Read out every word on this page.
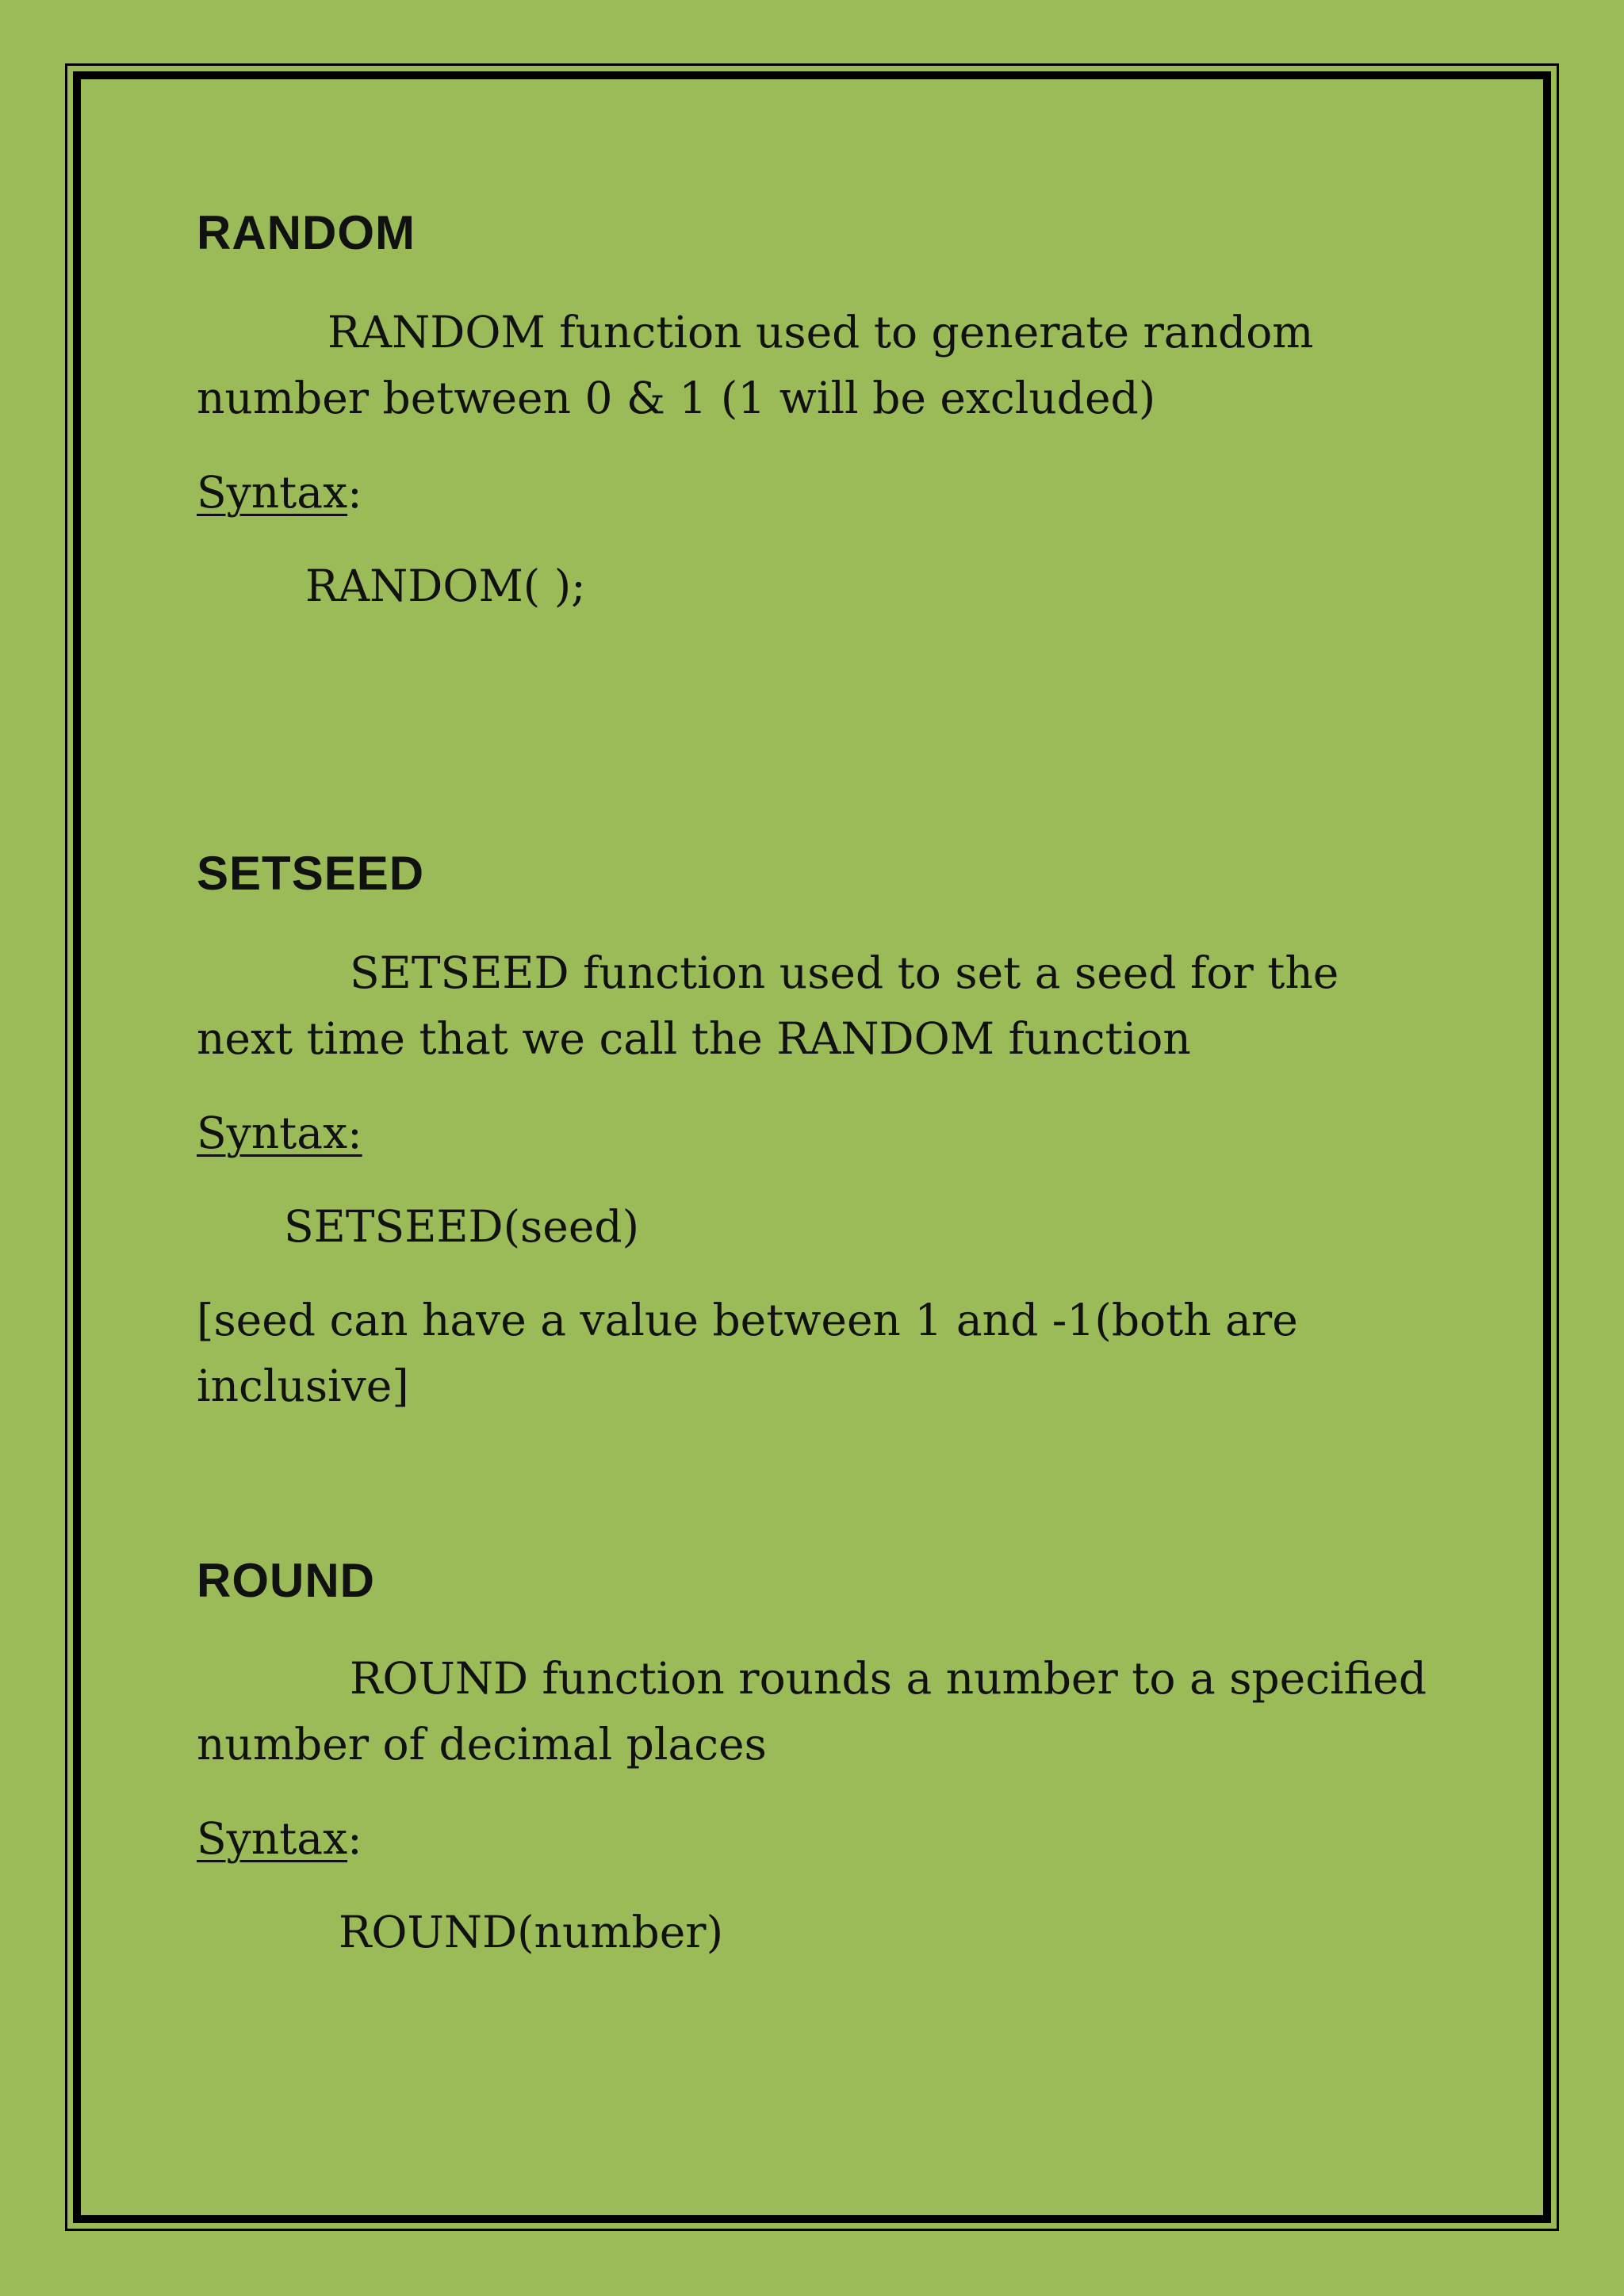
RANDOM

RANDOM function used to generate random number between 0 & 1 (1 will be excluded)

Syntax:

RANDOM( );

SETSEED

SETSEED function used to set a seed for the next time that we call the RANDOM function

Syntax:

SETSEED(seed)

[seed can have a value between 1 and -1(both are inclusive]

ROUND

ROUND function rounds a number to a specified number of decimal places

Syntax:

ROUND(number)
